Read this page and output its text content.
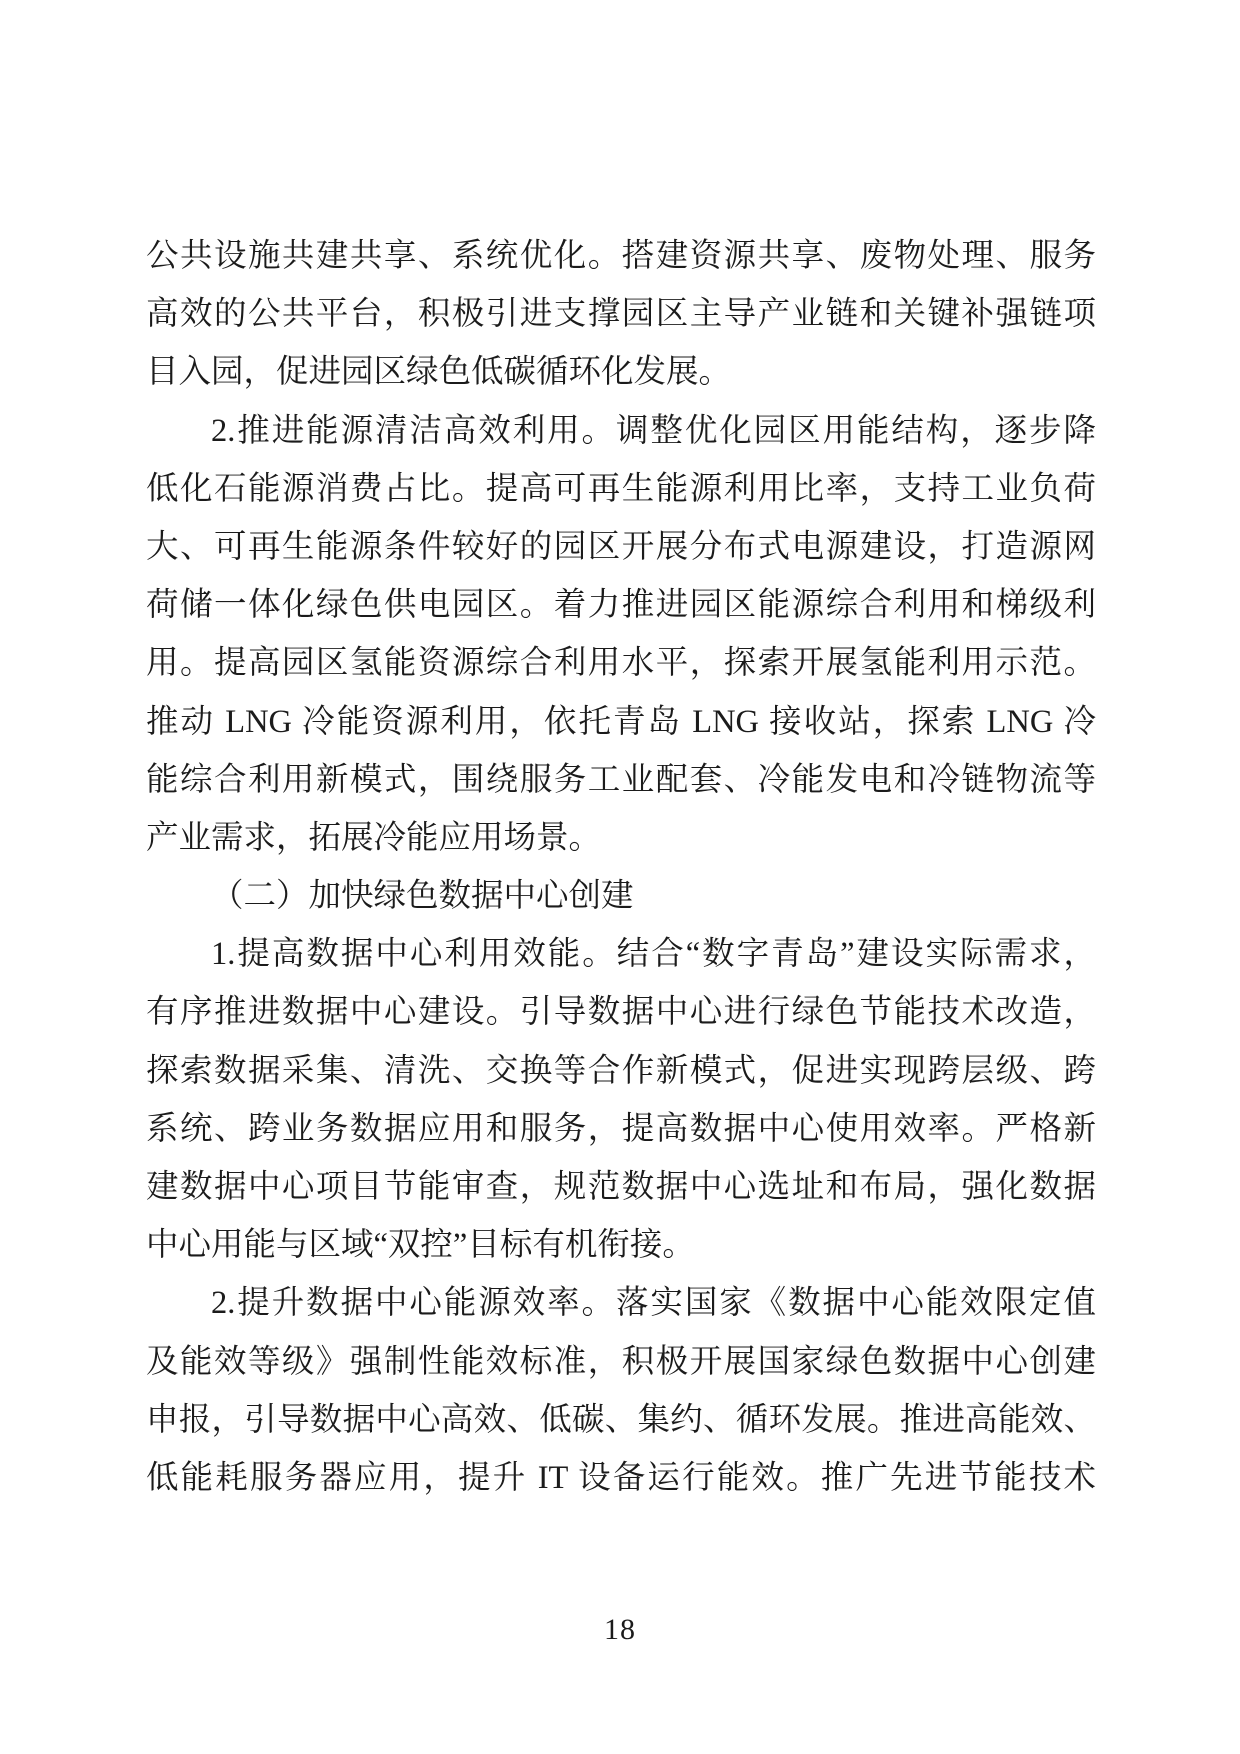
公共设施共建共享、系统优化。搭建资源共享、废物处理、服务
高效的公共平台，积极引进支撑园区主导产业链和关键补强链项
目入园，促进园区绿色低碳循环化发展。
2.推进能源清洁高效利用。调整优化园区用能结构，逐步降
低化石能源消费占比。提高可再生能源利用比率，支持工业负荷
大、可再生能源条件较好的园区开展分布式电源建设，打造源网
荷储一体化绿色供电园区。着力推进园区能源综合利用和梯级利
用。提高园区氢能资源综合利用水平，探索开展氢能利用示范。
推动 LNG 冷能资源利用，依托青岛 LNG 接收站，探索 LNG 冷
能综合利用新模式，围绕服务工业配套、冷能发电和冷链物流等
产业需求，拓展冷能应用场景。
（二）加快绿色数据中心创建
1.提高数据中心利用效能。结合“数字青岛”建设实际需求，
有序推进数据中心建设。引导数据中心进行绿色节能技术改造，
探索数据采集、清洗、交换等合作新模式，促进实现跨层级、跨
系统、跨业务数据应用和服务，提高数据中心使用效率。严格新
建数据中心项目节能审查，规范数据中心选址和布局，强化数据
中心用能与区域“双控”目标有机衔接。
2.提升数据中心能源效率。落实国家《数据中心能效限定值
及能效等级》强制性能效标准，积极开展国家绿色数据中心创建
申报，引导数据中心高效、低碳、集约、循环发展。推进高能效、
低能耗服务器应用，提升 IT 设备运行能效。推广先进节能技术
18
